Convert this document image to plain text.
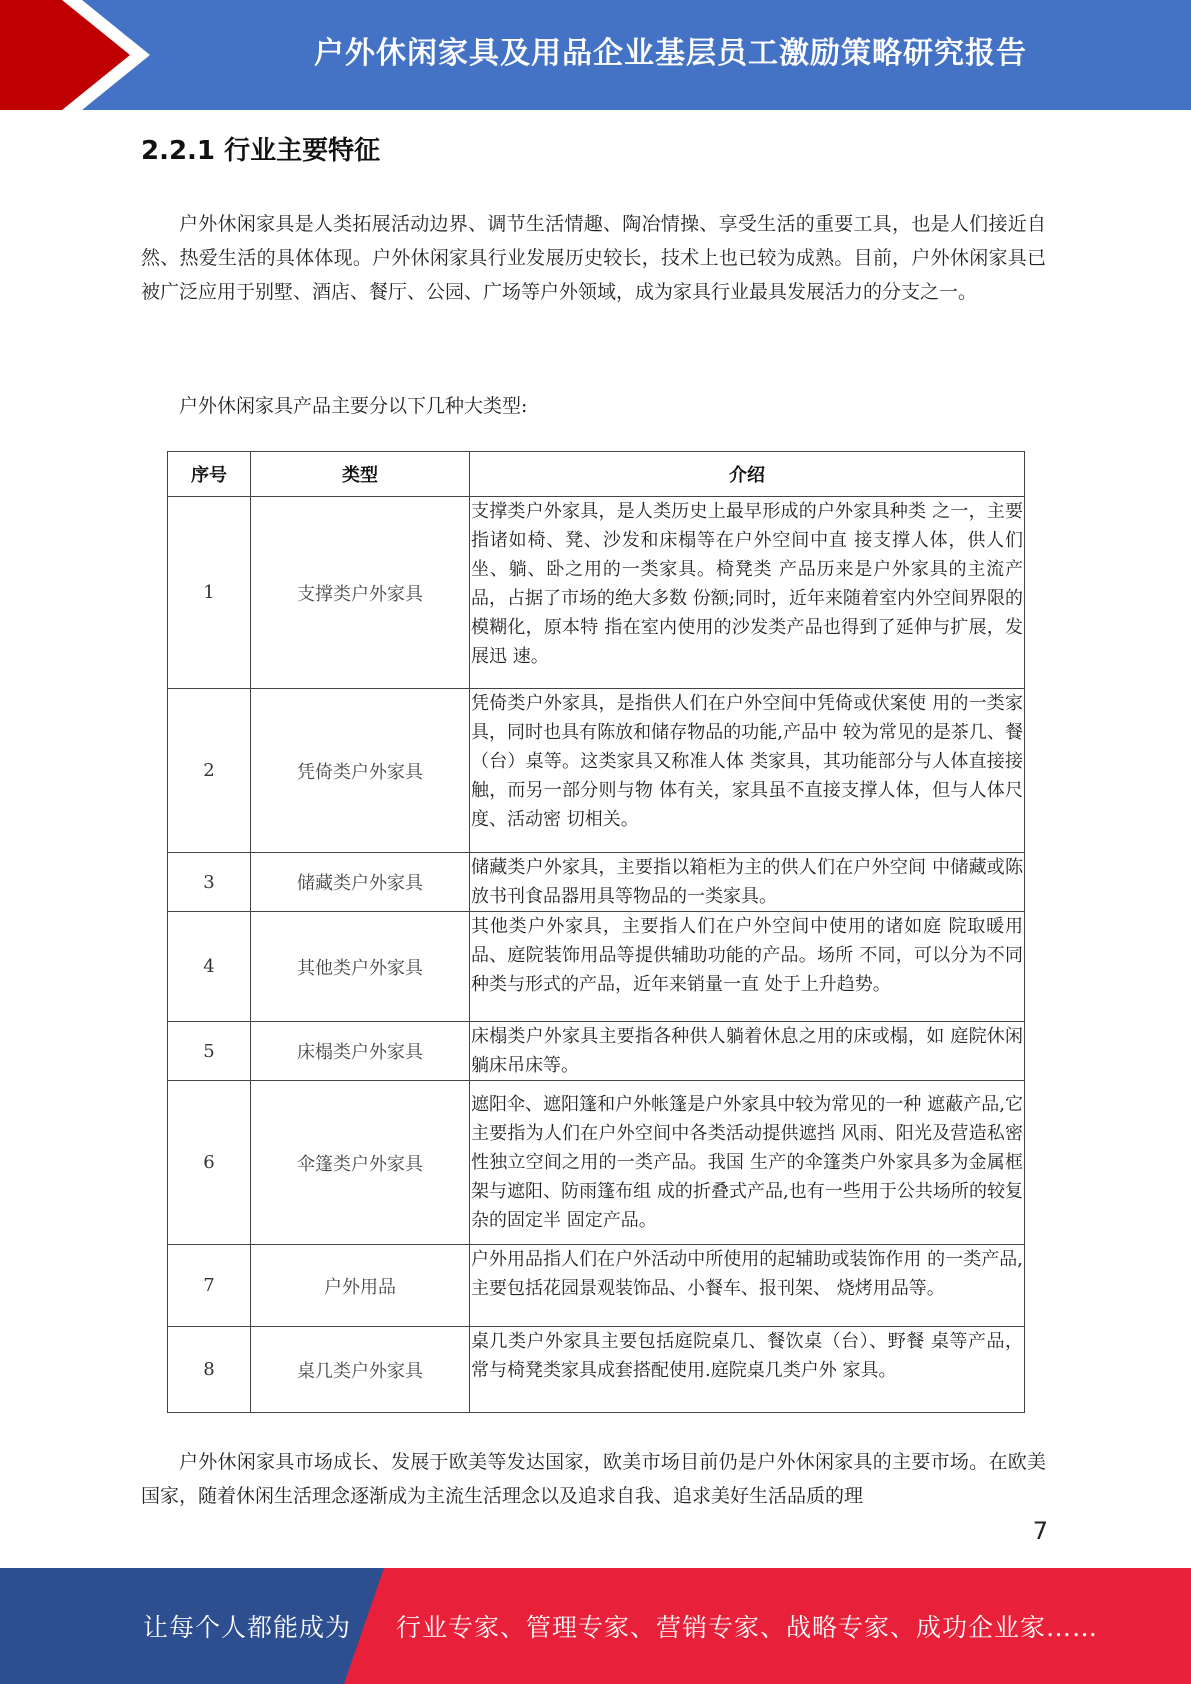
户外休闲家具及用品企业基层员工激励策略研究报告
2.2.1 行业主要特征

户外休闲家具是人类拓展活动边界、调节生活情趣、陶冶情操、享受生活的重要工具，也是人们接近自然、热爱生活的具体体现。户外休闲家具行业发展历史较长，技术上也已较为成熟。目前，户外休闲家具已被广泛应用于别墅、酒店、餐厅、公园、广场等户外领域，成为家具行业最具发展活力的分支之一。

户外休闲家具产品主要分以下几种大类型:

序号	类型	介绍
1	支撑类户外家具	支撑类户外家具，是人类历史上最早形成的户外家具种类 之一，主要指诸如椅、凳、沙发和床榻等在户外空间中直 接支撑人体，供人们坐、躺、卧之用的一类家具。椅凳类 产品历来是户外家具的主流产品，占据了市场的绝大多数 份额;同时，近年来随着室内外空间界限的模糊化，原本特 指在室内使用的沙发类产品也得到了延伸与扩展，发展迅 速。
2	凭倚类户外家具	凭倚类户外家具，是指供人们在户外空间中凭倚或伏案使 用的一类家具，同时也具有陈放和储存物品的功能,产品中 较为常见的是茶几、餐（台）桌等。这类家具又称准人体 类家具，其功能部分与人体直接接触，而另一部分则与物 体有关，家具虽不直接支撑人体，但与人体尺度、活动密 切相关。
3	储藏类户外家具	储藏类户外家具，主要指以箱柜为主的供人们在户外空间 中储藏或陈放书刊食品器用具等物品的一类家具。
4	其他类户外家具	其他类户外家具，主要指人们在户外空间中使用的诸如庭 院取暖用品、庭院装饰用品等提供辅助功能的产品。场所 不同，可以分为不同种类与形式的产品，近年来销量一直 处于上升趋势。
5	床榻类户外家具	床榻类户外家具主要指各种供人躺着休息之用的床或榻，如 庭院休闲躺床吊床等。
6	伞篷类户外家具	遮阳伞、遮阳篷和户外帐篷是户外家具中较为常见的一种 遮蔽产品,它主要指为人们在户外空间中各类活动提供遮挡 风雨、阳光及营造私密性独立空间之用的一类产品。我国 生产的伞篷类户外家具多为金属框架与遮阳、防雨篷布组 成的折叠式产品,也有一些用于公共场所的较复杂的固定半 固定产品。
7	户外用品	户外用品指人们在户外活动中所使用的起辅助或装饰作用 的一类产品,主要包括花园景观装饰品、小餐车、报刊架、 烧烤用品等。
8	桌几类户外家具	桌几类户外家具主要包括庭院桌几、餐饮桌（台）、野餐 桌等产品，常与椅凳类家具成套搭配使用.庭院桌几类户外 家具。

户外休闲家具市场成长、发展于欧美等发达国家，欧美市场目前仍是户外休闲家具的主要市场。在欧美国家，随着休闲生活理念逐渐成为主流生活理念以及追求自我、追求美好生活品质的理

7
让每个人都能成为 行业专家、管理专家、营销专家、战略专家、成功企业家……
